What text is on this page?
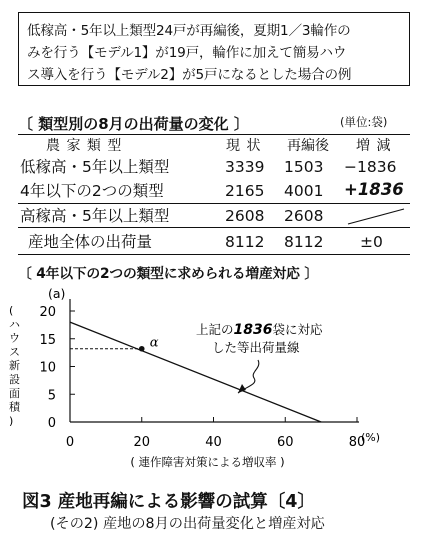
低稼高・5年以上類型24戸が再編後，夏期1／3輪作の
みを行う【モデル1】が19戸，輪作に加えて簡易ハウ
ス導入を行う【モデル2】が5戸になるとした場合の例
〔 類型別の8月の出荷量の変化 〕	(単位:袋)
農 家 類 型	現 状 再編後 増 減
低稼高・5年以上類型	3339 1503 −1836
4年以下の2つの類型	2165 4001 +1836
高稼高・5年以上類型	2608 2608
産地全体の出荷量	8112 8112 ±0
〔 4年以下の2つの類型に求められる増産対応 〕
0
5
10
15
20
0	20	40	60	80
(a)
(%)
(ハウス新設面積)
( 連作障害対策による増収率 )
α
上記の1836袋に対応
した等出荷量線
図3 産地再編による影響の試算〔4〕
(その2) 産地の8月の出荷量変化と増産対応
